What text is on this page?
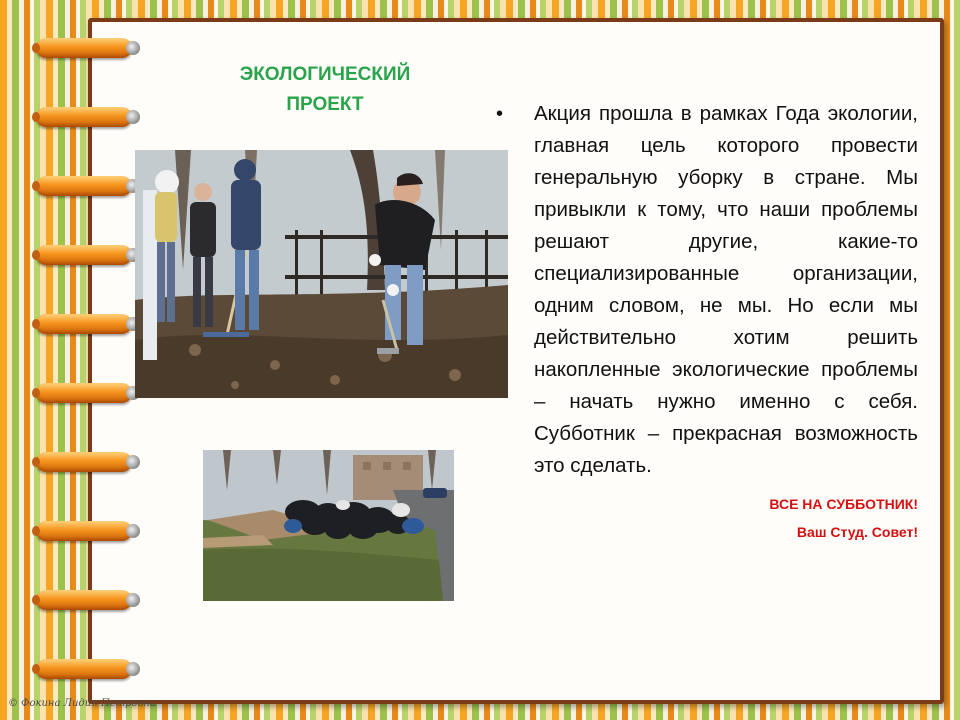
ЭКОЛОГИЧЕСКИЙ
ПРОЕКТ	•	Акция прошла в рамках Года экологии, главная цель которого провести генеральную уборку в стране. Мы привыкли к тому, что наши проблемы решают другие, какие-то специализированные организации, одним словом, не мы. Но если мы действительно хотим решить накопленные экологические проблемы – начать нужно именно с себя. Субботник – прекрасная возможность это сделать.

ВСЕ НА СУББОТНИК!
Ваш Студ. Совет!
© Фокина Лидия Петровна
